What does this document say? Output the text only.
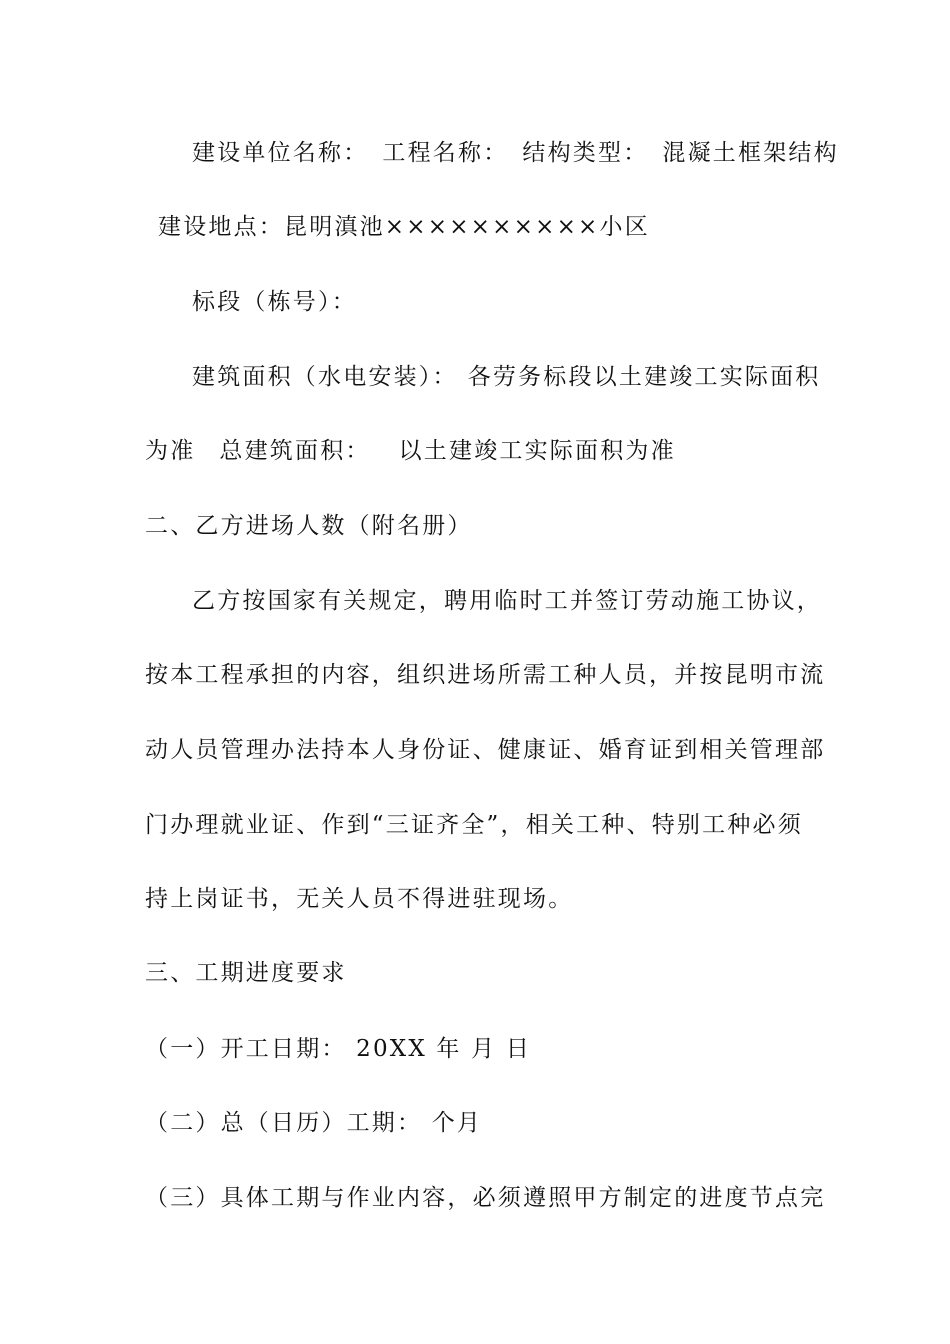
建设单位名称： 工程名称： 结构类型： 混凝土框架结构

建设地点：昆明滇池××××××××××小区

标段（栋号）：

建筑面积（水电安装）： 各劳务标段以土建竣工实际面积

为准 总建筑面积： 以土建竣工实际面积为准

二、乙方进场人数（附名册）

乙方按国家有关规定，聘用临时工并签订劳动施工协议，

按本工程承担的内容，组织进场所需工种人员，并按昆明市流

动人员管理办法持本人身份证、健康证、婚育证到相关管理部

门办理就业证、作到“三证齐全”，相关工种、特别工种必须

持上岗证书，无关人员不得进驻现场。

三、工期进度要求

（一）开工日期： 20XX 年 月 日

（二）总（日历）工期： 个月

（三）具体工期与作业内容，必须遵照甲方制定的进度节点完
